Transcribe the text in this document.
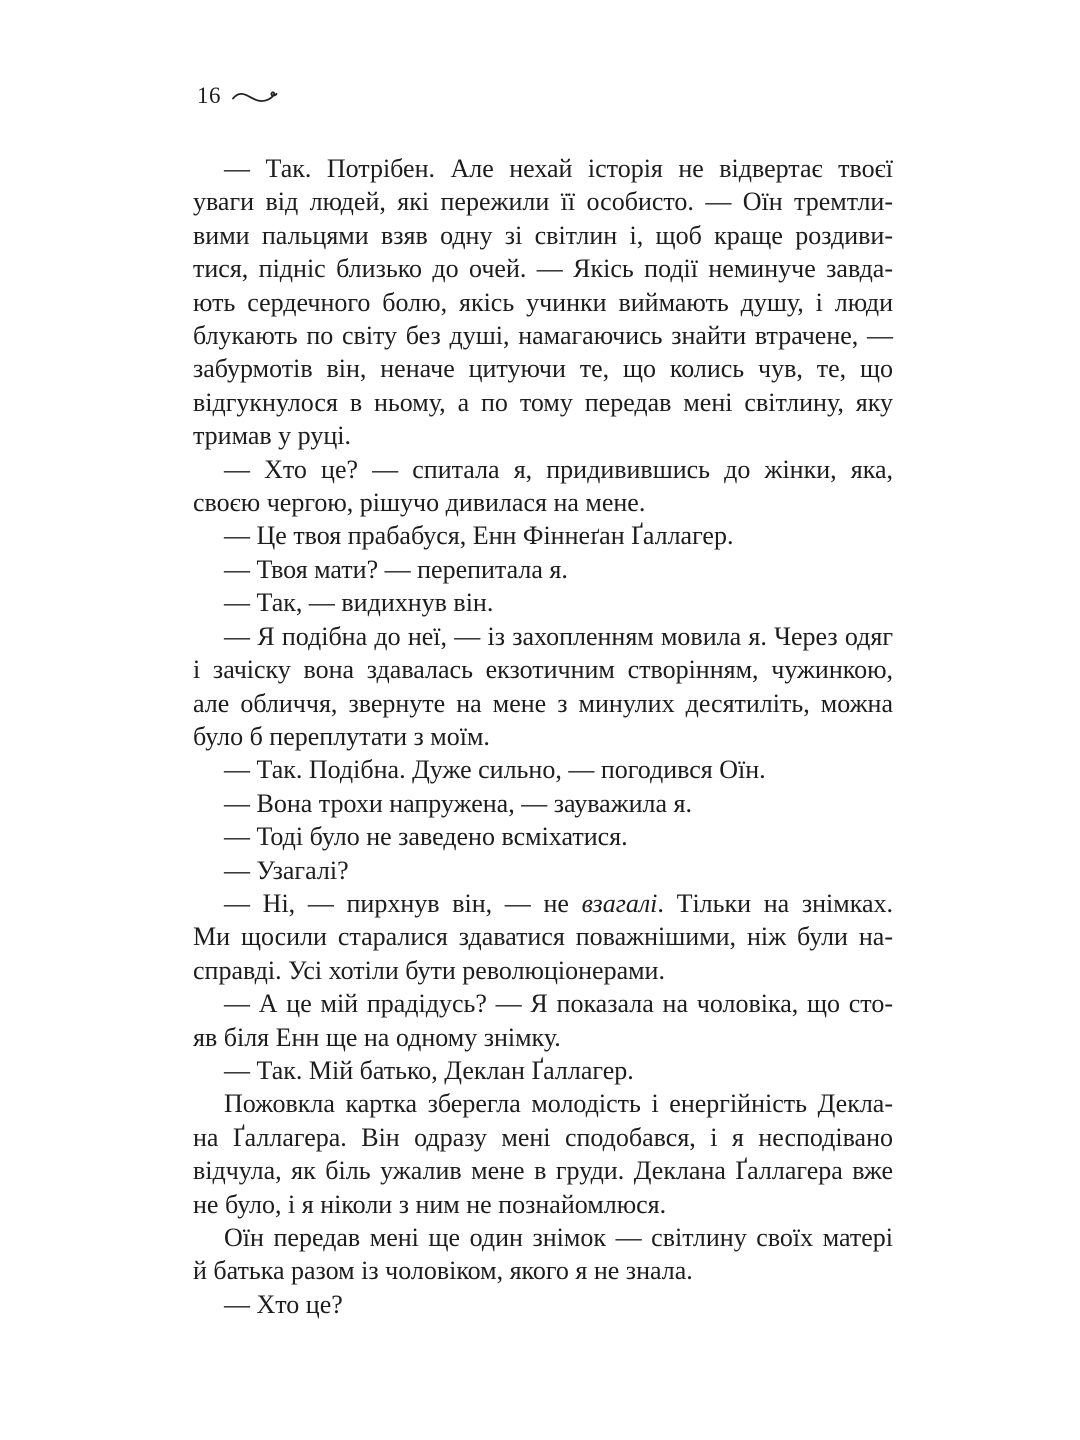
16
— Так. Потрібен. Але нехай історія не відвертає твоєї
уваги від людей, які пережили її особисто. — Оїн тремтли-
вими пальцями взяв одну зі світлин і, щоб краще роздиви-
тися, підніс близько до очей. — Якісь події неминуче завда-
ють сердечного болю, якісь учинки виймають душу, і люди
блукають по світу без душі, намагаючись знайти втрачене, —
забурмотів він, неначе цитуючи те, що колись чув, те, що
відгукнулося в ньому, а по тому передав мені світлину, яку
тримав у руці.
— Хто це? — спитала я, придивившись до жінки, яка,
своєю чергою, рішучо дивилася на мене.
— Це твоя прабабуся, Енн Фіннеґан Ґаллагер.
— Твоя мати? — перепитала я.
— Так, — видихнув він.
— Я подібна до неї, — із захопленням мовила я. Через одяг
і зачіску вона здавалась екзотичним створінням, чужинкою,
але обличчя, звернуте на мене з минулих десятиліть, можна
було б переплутати з моїм.
— Так. Подібна. Дуже сильно, — погодився Оїн.
— Вона трохи напружена, — зауважила я.
— Тоді було не заведено всміхатися.
— Узагалі?
— Ні, — пирхнув він, — не взагалі. Тільки на знімках.
Ми щосили старалися здаватися поважнішими, ніж були на-
справді. Усі хотіли бути революціонерами.
— А це мій прадідусь? — Я показала на чоловіка, що сто-
яв біля Енн ще на одному знімку.
— Так. Мій батько, Деклан Ґаллагер.
Пожовкла картка зберегла молодість і енергійність Декла-
на Ґаллагера. Він одразу мені сподобався, і я несподівано
відчула, як біль ужалив мене в груди. Деклана Ґаллагера вже
не було, і я ніколи з ним не познайомлюся.
Оїн передав мені ще один знімок — світлину своїх матері
й батька разом із чоловіком, якого я не знала.
— Хто це?
